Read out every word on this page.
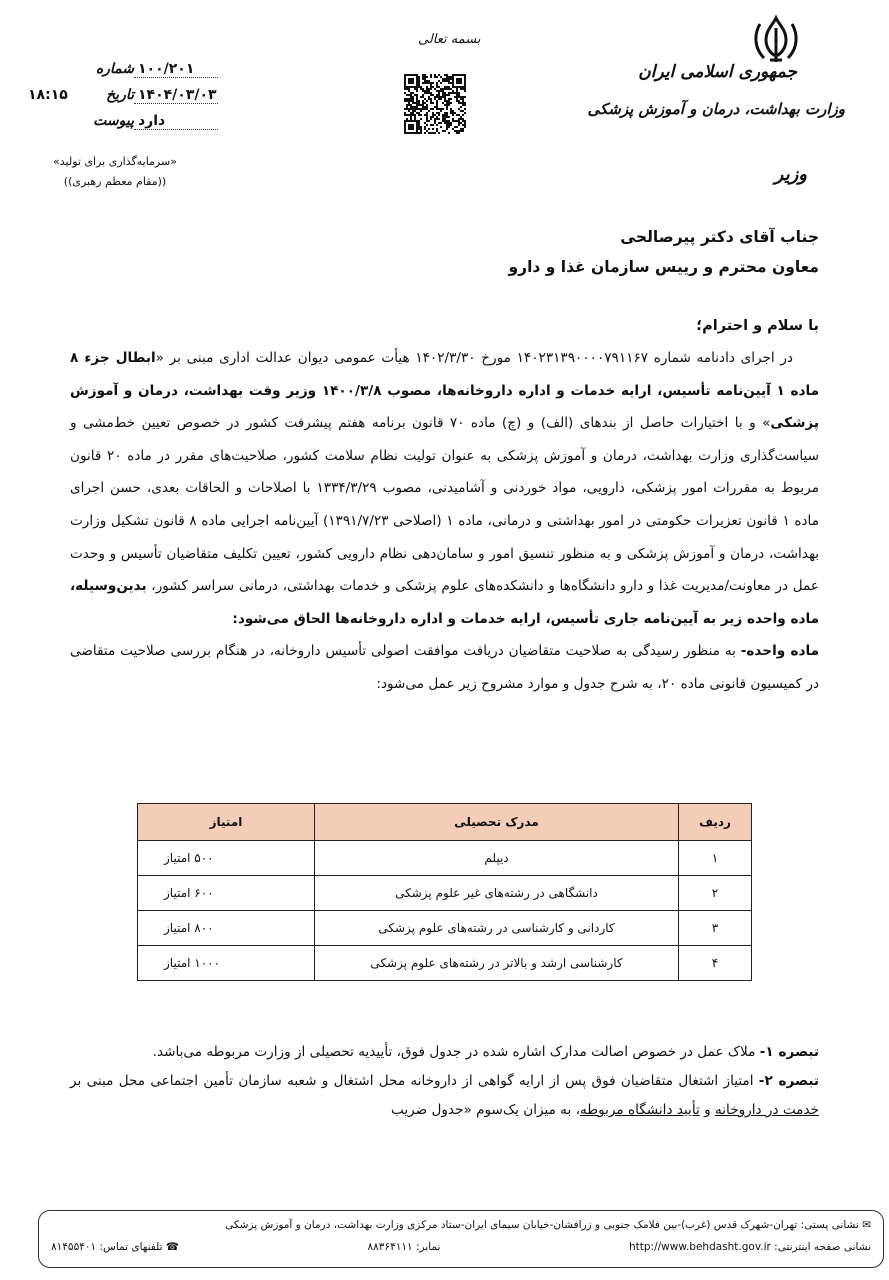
جمهوری اسلامی ایران
وزارت بهداشت، درمان و آموزش پزشکی
وزیر
بسمه تعالی
شماره ۱۰۰/۲۰۱
تاریخ ۱۴۰۴/۰۳/۰۳
پیوست دارد
۱۸:۱۵
«سرمایه‌گذاری برای تولید»
((مقام معظم رهبری))
جناب آقای دکتر پیرصالحی
معاون محترم و رییس سازمان غذا و دارو
با سلام و احترام؛

در اجرای دادنامه شماره ۱۴۰۲۳۱۳۹۰۰۰۰۷۹۱۱۶۷ مورخ ۱۴۰۲/۳/۳۰ هیأت عمومی دیوان عدالت اداری مبنی بر «ابطال جزء ۸ ماده ۱ آیین‌نامه تأسیس، ارایه خدمات و اداره داروخانه‌ها، مصوب ۱۴۰۰/۳/۸ وزیر وقت بهداشت، درمان و آموزش پزشکی» و با اختیارات حاصل از بندهای (الف) و (چ) ماده ۷۰ قانون برنامه هفتم پیشرفت کشور در خصوص تعیین خط‌مشی و سیاست‌گذاری وزارت بهداشت، درمان و آموزش پزشکی به عنوان تولیت نظام سلامت کشور، صلاحیت‌های مقرر در ماده ۲۰ قانون مربوط به مقررات امور پزشکی، دارویی، مواد خوردنی و آشامیدنی، مصوب ۱۳۳۴/۳/۲۹ با اصلاحات و الحاقات بعدی، حسن اجرای ماده ۱ قانون تعزیرات حکومتی در امور بهداشتی و درمانی، ماده ۱ (اصلاحی ۱۳۹۱/۷/۲۳) آیین‌نامه اجرایی ماده ۸ قانون تشکیل وزارت بهداشت، درمان و آموزش پزشکی و به منظور تنسیق امور و سامان‌دهی نظام دارویی کشور، تعیین تکلیف متقاضیان تأسیس و وحدت عمل در معاونت/مدیریت غذا و دارو دانشگاه‌ها و دانشکده‌های علوم پزشکی و خدمات بهداشتی، درمانی سراسر کشور، بدین‌وسیله، ماده واحده زیر به آیین‌نامه جاری تأسیس، ارایه خدمات و اداره داروخانه‌ها الحاق می‌شود:

ماده واحده- به منظور رسیدگی به صلاحیت متقاضیان دریافت موافقت اصولی تأسیس داروخانه، در هنگام بررسی صلاحیت متقاضی در کمیسیون قانونی ماده ۲۰، به شرح جدول و موارد مشروح زیر عمل می‌شود:

ردیف	مدرک تحصیلی	امتیاز
۱	دیپلم	۵۰۰ امتیاز
۲	دانشگاهی در رشته‌های غیر علوم پزشکی	۶۰۰ امتیاز
۳	کاردانی و کارشناسی در رشته‌های علوم پزشکی	۸۰۰ امتیاز
۴	کارشناسی ارشد و بالاتر در رشته‌های علوم پزشکی	۱۰۰۰ امتیاز

تبصره ۱- ملاک عمل در خصوص اصالت مدارک اشاره شده در جدول فوق، تأییدیه تحصیلی از وزارت مربوطه می‌باشد.

تبصره ۲- امتیاز اشتغال متقاضیان فوق پس از ارایه گواهی از داروخانه محل اشتغال و شعبه سازمان تأمین اجتماعی محل مبنی بر خدمت در داروخانه و تأیید دانشگاه مربوطه، به میزان یک‌سوم «جدول ضریب

✉ نشانی پستی: تهران-شهرک قدس (غرب)-بین فلامک جنوبی و زرافشان-خیابان سیمای ایران-ستاد مرکزی وزارت بهداشت، درمان و آموزش پزشکی
☎ تلفنهای تماس: ۸۱۴۵۵۴۰۱	نمابر: ۸۸۳۶۴۱۱۱	نشانی صفحه اینترنتی: http://www.behdasht.gov.ir
